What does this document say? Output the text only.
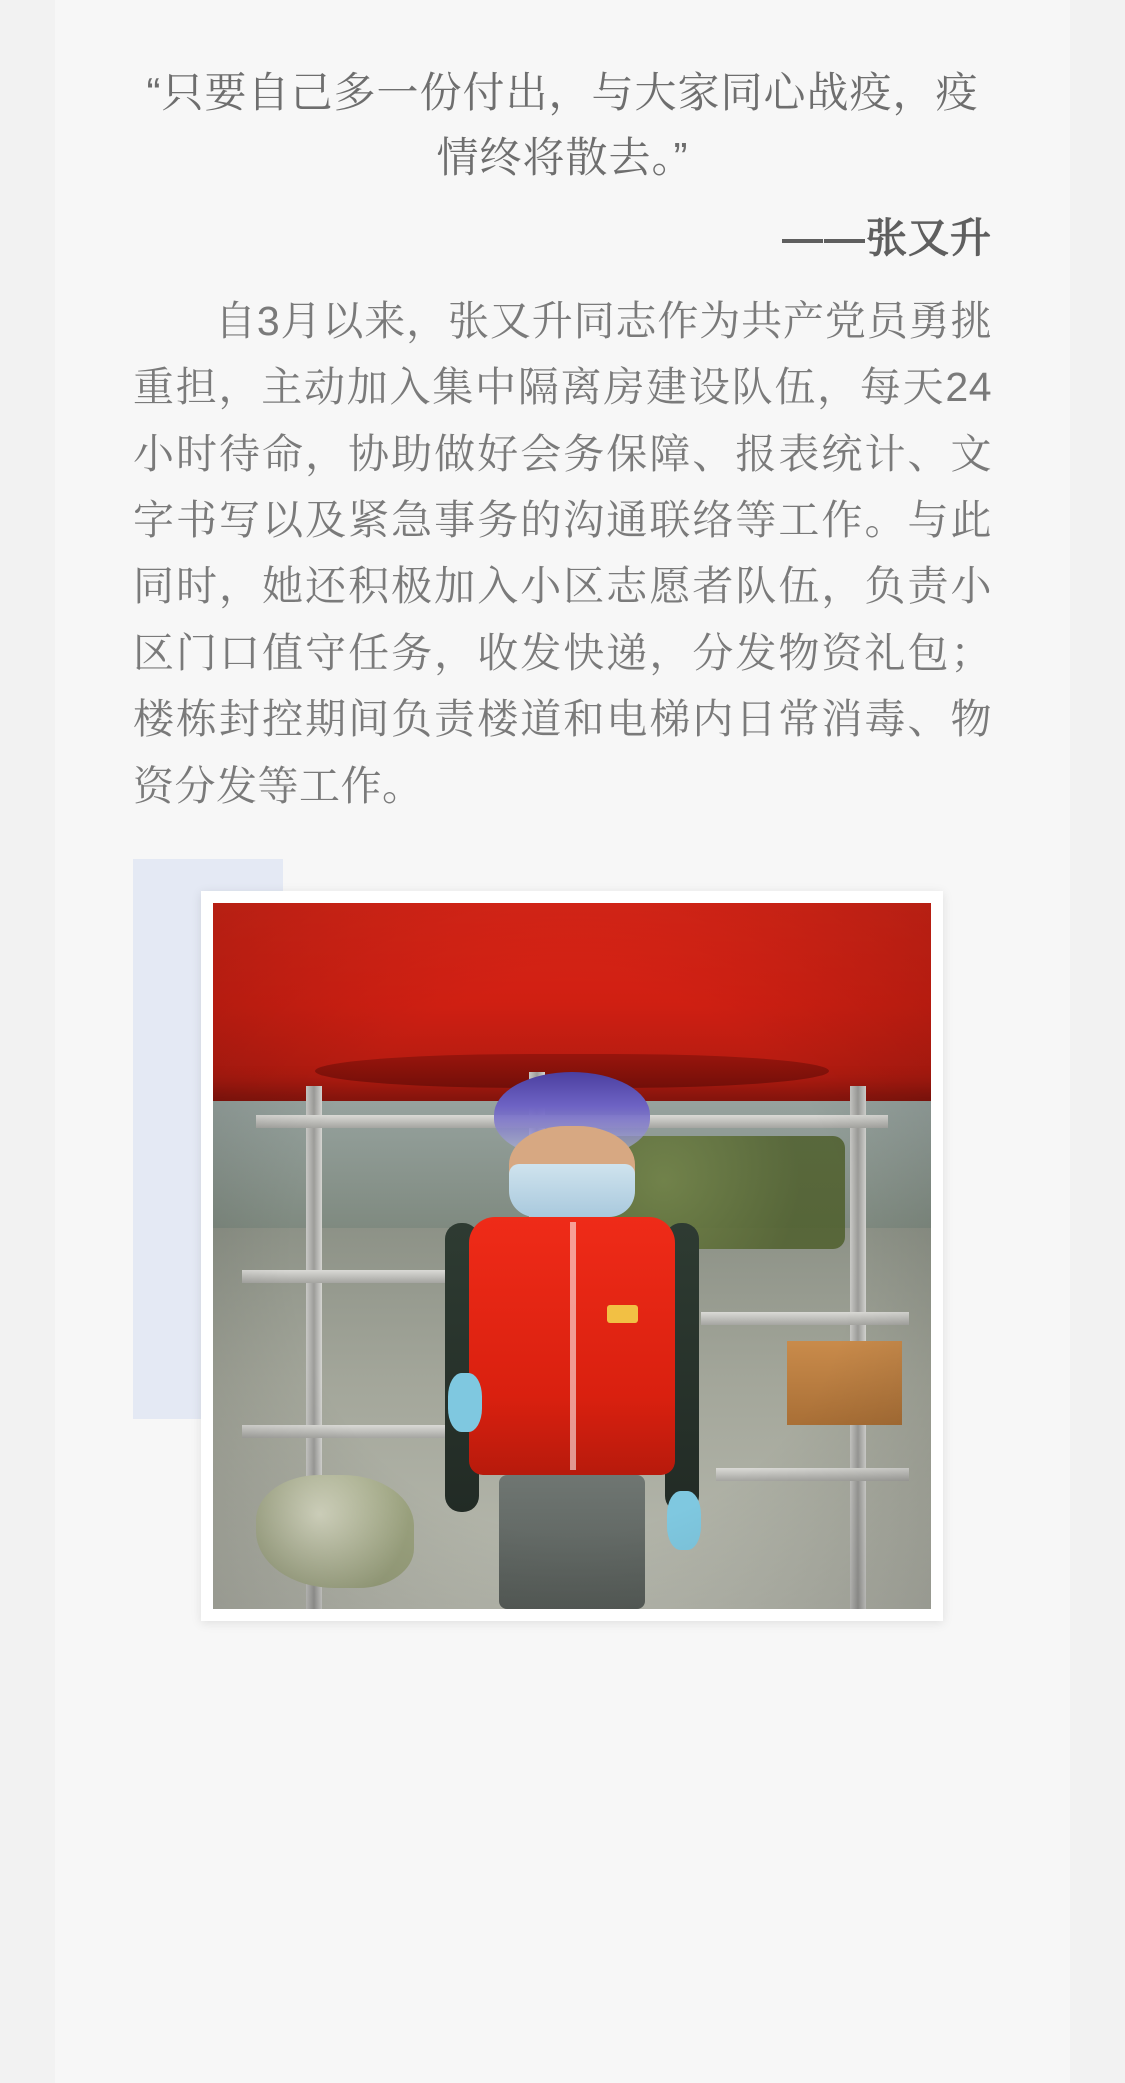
“只要自己多一份付出，与大家同心战疫，疫情终将散去。”

——张又升

自3月以来，张又升同志作为共产党员勇挑重担，主动加入集中隔离房建设队伍，每天24小时待命，协助做好会务保障、报表统计、文字书写以及紧急事务的沟通联络等工作。与此同时，她还积极加入小区志愿者队伍，负责小区门口值守任务，收发快递，分发物资礼包；楼栋封控期间负责楼道和电梯内日常消毒、物资分发等工作。
